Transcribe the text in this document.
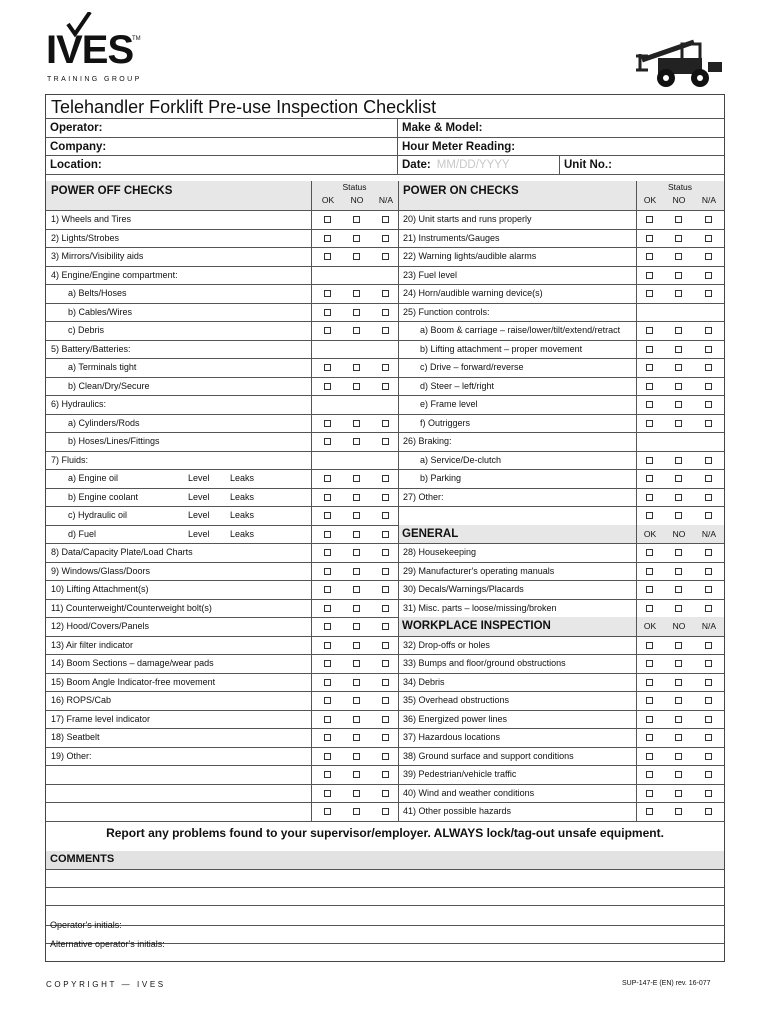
IVES
TM
TRAINING GROUP
Telehandler Forklift Pre-use Inspection Checklist
Operator:	Make & Model:
Company:	Hour Meter Reading:
Location:	Date: MM/DD/YYYY	Unit No.:
POWER OFF CHECKS	Status
OK	NO	N/A
POWER ON CHECKS	Status
OK	NO	N/A
1) Wheels and Tires
2) Lights/Strobes
3) Mirrors/Visibility aids
4) Engine/Engine compartment:
a) Belts/Hoses
b) Cables/Wires
c) Debris
5) Battery/Batteries:
a) Terminals tight
b) Clean/Dry/Secure
6) Hydraulics:
a) Cylinders/Rods
b) Hoses/Lines/Fittings
7) Fluids:
a) Engine oil	Level Leaks
b) Engine coolant	Level Leaks
c) Hydraulic oil	Level Leaks
d) Fuel	Level Leaks
8) Data/Capacity Plate/Load Charts
9) Windows/Glass/Doors
10) Lifting Attachment(s)
11) Counterweight/Counterweight bolt(s)
12) Hood/Covers/Panels
13) Air filter indicator
14) Boom Sections – damage/wear pads
15) Boom Angle Indicator-free movement
16) ROPS/Cab
17) Frame level indicator
18) Seatbelt
19) Other:
20) Unit starts and runs properly
21) Instruments/Gauges
22) Warning lights/audible alarms
23) Fuel level
24) Horn/audible warning device(s)
25) Function controls:
a) Boom & carriage – raise/lower/tilt/extend/retract
b) Lifting attachment – proper movement
c) Drive – forward/reverse
d) Steer – left/right
e) Frame level
f) Outriggers
26) Braking:
a) Service/De-clutch
b) Parking
27) Other:
GENERAL	OK	NO	N/A
28) Housekeeping
29) Manufacturer's operating manuals
30) Decals/Warnings/Placards
31) Misc. parts – loose/missing/broken
WORKPLACE INSPECTION	OK	NO	N/A
32) Drop-offs or holes
33) Bumps and floor/ground obstructions
34) Debris
35) Overhead obstructions
36) Energized power lines
37) Hazardous locations
38) Ground surface and support conditions
39) Pedestrian/vehicle traffic
40) Wind and weather conditions
41) Other possible hazards
Report any problems found to your supervisor/employer. ALWAYS lock/tag-out unsafe equipment.
COMMENTS
Operator's initials:
Alternative operator's initials:
COPYRIGHT — IVES	SUP-147-E (EN) rev. 16-077
